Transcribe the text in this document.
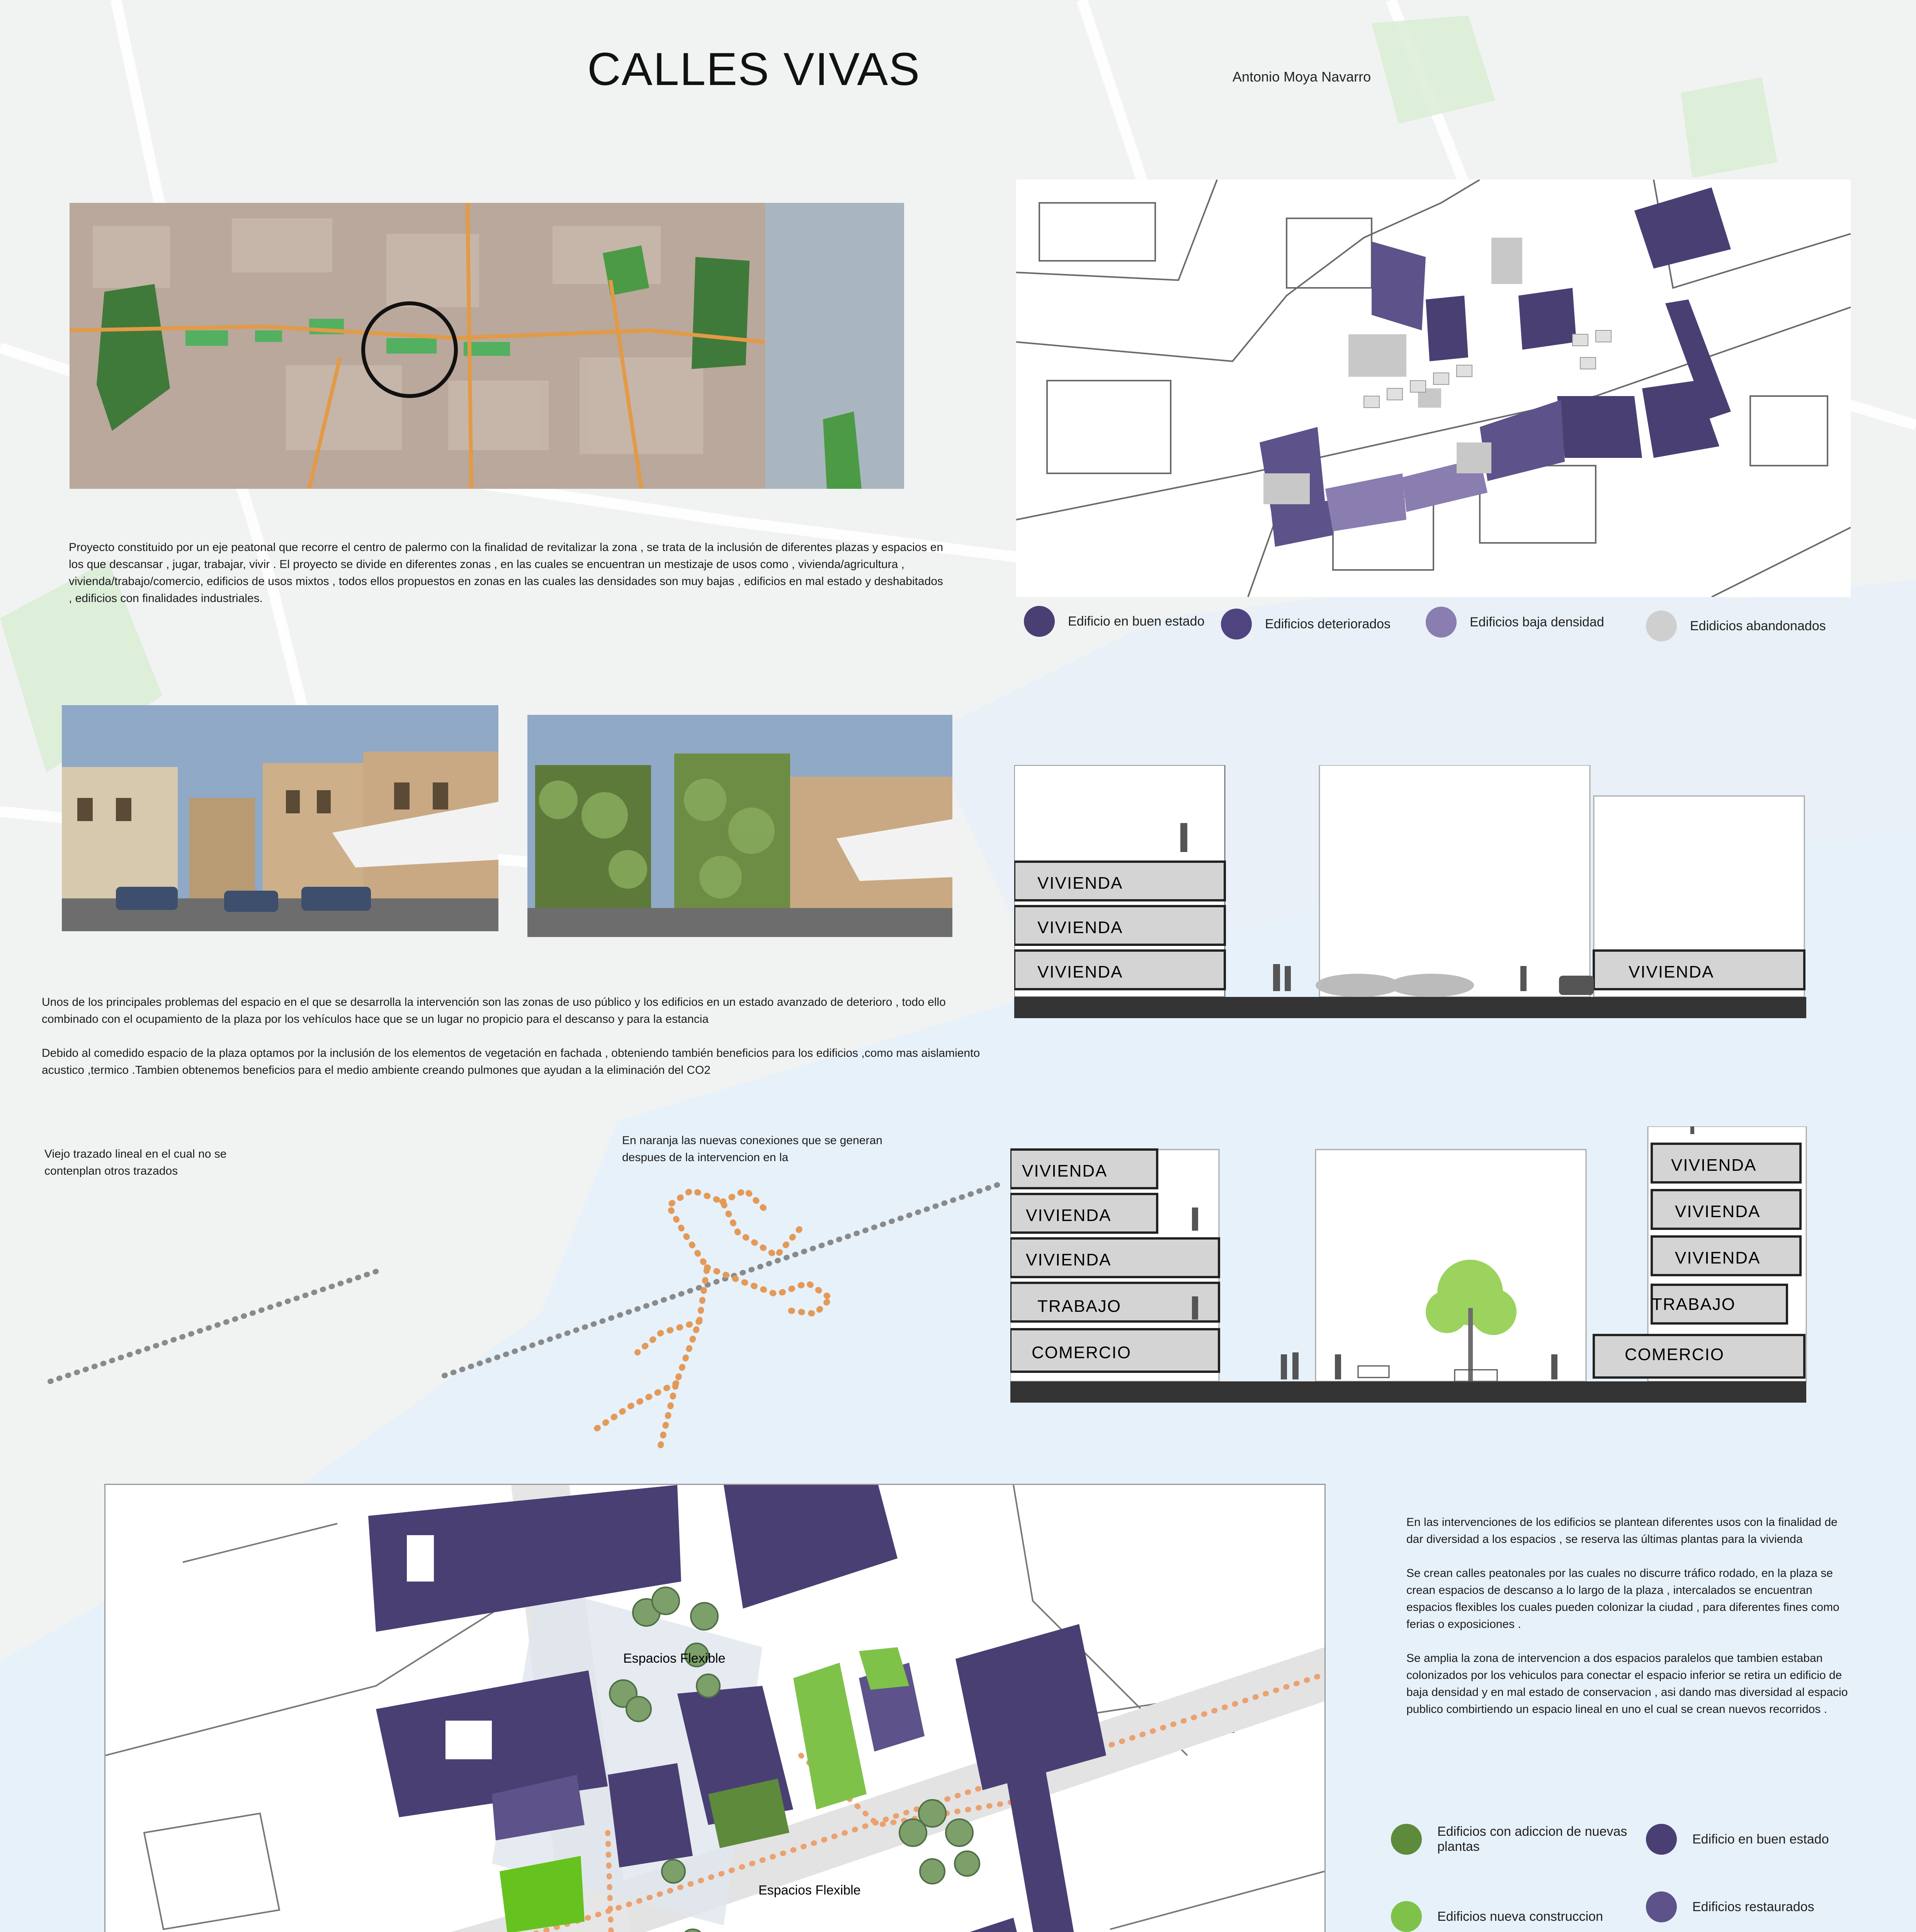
CALLES VIVAS	Antonio Moya Navarro
Edificio en buen estado	Edificios deteriorados	Edificios baja densidad	Edidicios abandonados
Proyecto constituido por un eje peatonal que recorre el centro de palermo con la finalidad de revitalizar la zona , se trata de la inclusión de diferentes plazas y espacios en los que descansar , jugar, trabajar, vivir . El proyecto se divide en diferentes zonas , en las cuales se encuentran un mestizaje de usos como , vivienda/agricultura , vivienda/trabajo/comercio, edificios de usos mixtos , todos ellos propuestos en zonas en las cuales las densidades son muy bajas , edificios en mal estado y deshabitados , edificios con finalidades industriales.

Unos de los principales problemas del espacio en el que se desarrolla la intervención son las zonas de uso público y los edificios en un estado avanzado de deterioro , todo ello combinado con el ocupamiento de la plaza por los vehículos hace que se un lugar no propicio para el descanso y para la estancia

Debido al comedido espacio de la plaza optamos por la inclusión de los elementos de vegetación en fachada , obteniendo también beneficios para los edificios ,como mas aislamiento acustico ,termico .Tambien obtenemos beneficios para el medio ambiente creando pulmones que ayudan a la eliminación del CO2

Viejo trazado lineal en el cual no se contenplan otros trazados
En naranja las nuevas conexiones que se generan despues de la intervencion en la
VIVIENDA
VIVIENDA
VIVIENDA	VIVIENDA
VIVIENDA
VIVIENDA
VIVIENDA
TRABAJO
COMERCIO
VIVIENDA
VIVIENDA
VIVIENDA
TRABAJO
COMERCIO
Espacios Flexible
Espacios Flexible

En las intervenciones de los edificios se plantean diferentes usos con la finalidad de dar diversidad a los espacios , se reserva las últimas plantas para la vivienda

Se crean calles peatonales por las cuales no discurre tráfico rodado, en la plaza se crean espacios de descanso a lo largo de la plaza , intercalados se encuentran espacios flexibles los cuales pueden colonizar la ciudad , para diferentes fines como ferias o exposiciones .

Se amplia la zona de intervencion a dos espacios paralelos que tambien estaban colonizados por los vehiculos para conectar el espacio inferior se retira un edificio de baja densidad y en mal estado de conservacion , asi dando mas diversidad al espacio publico combirtiendo un espacio lineal en uno el cual se crean nuevos recorridos .

Edificios con adiccion de nuevas plantas
Edificio en buen estado
Edificios nueva construccion
Edificios restaurados
